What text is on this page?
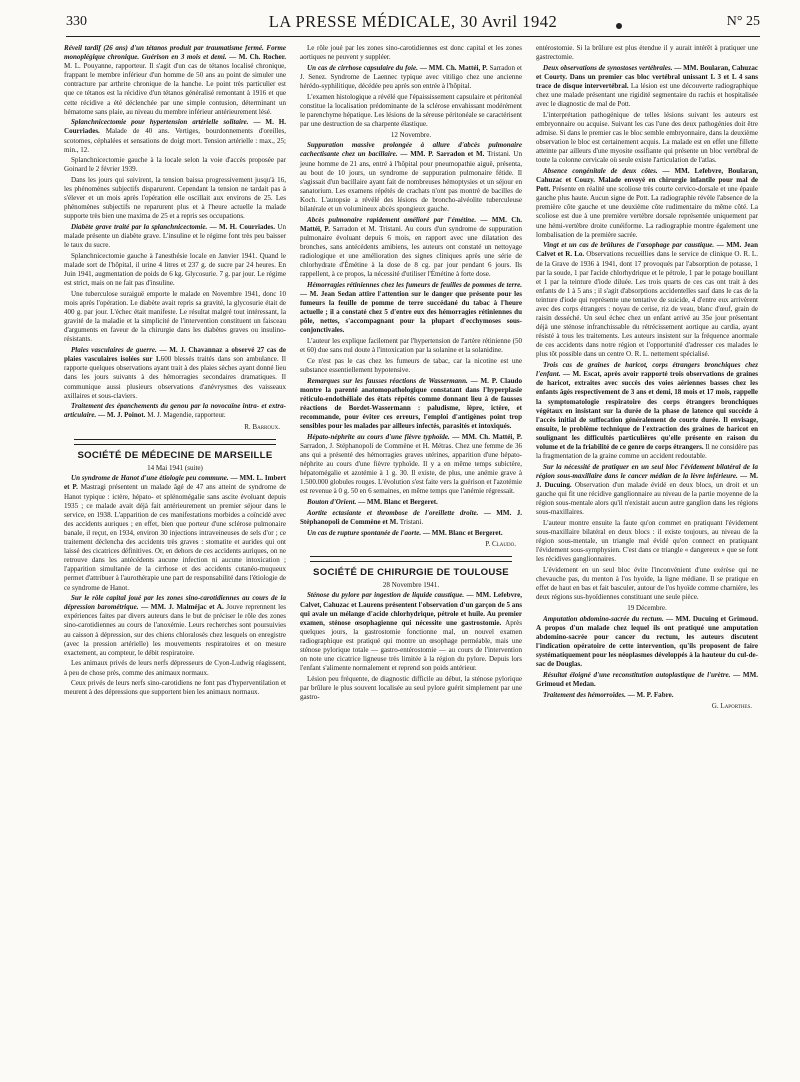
330	LA PRESSE MÉDICALE, 30 Avril 1942	N° 25

Réveil tardif (26 ans) d'un tétanos produit par traumatisme fermé. Forme monoplégique chronique. Guérison en 3 mois et demi. — M. Ch. Rocher. M. L. Pouyanne, rapporteur. Il s'agit d'un cas de tétanos localisé chronique, frappant le membre inférieur d'un homme de 50 ans au point de simuler une contracture par arthrite chronique de la hanche. Le point très particulier est que ce tétanos est la récidive d'un tétanos généralisé remontant à 1916 et que cette récidive a été déclenchée par une simple contusion, déterminant un hématome sans plaie, au niveau du membre inférieur antérieurement lésé.

Splanchnicectomie pour hypertension artérielle solitaire. — M. H. Courriades. Malade de 40 ans. Vertiges, bourdonnements d'oreilles, scotomes, céphalées et sensations de doigt mort. Tension artérielle : max., 25; min., 12.

Splanchnicectomie gauche à la locale selon la voie d'accès proposée par Goinard le 2 février 1939.

Dans les jours qui suivirent, la tension baissa progressivement jusqu'à 16, les phénomènes subjectifs disparurent. Cependant la tension ne tardait pas à s'élever et un mois après l'opération elle oscillait aux environs de 25. Les phénomènes subjectifs ne reparurent plus et à l'heure actuelle la malade supporte très bien une maxima de 25 et a repris ses occupations.

Diabète grave traité par la splanchnicectomie. — M. H. Courriades. Un malade présente un diabète grave. L'insuline et le régime font très peu baisser le taux du sucre.

Splanchnicectomie gauche à l'anesthésie locale en Janvier 1941. Quand le malade sort de l'hôpital, il urine 4 litres et 237 g. de sucre par 24 heures. En Juin 1941, augmentation de poids de 6 kg. Glycosurie. 7 g. par jour. Le régime est strict, mais on ne fait pas d'insuline.

Une tuberculose suraiguë emporte le malade en Novembre 1941, donc 10 mois après l'opération. Le diabète avait repris sa gravité, la glycosurie était de 400 g. par jour. L'échec était manifeste. Le résultat malgré tout intéressant, la gravité de la maladie et la simplicité de l'intervention constituent un faisceau d'arguments en faveur de la chirurgie dans les diabètes graves ou insulino-résistants.

Plaies vasculaires de guerre. — M. J. Chavannaz a observé 27 cas de plaies vasculaires isolées sur 1.600 blessés traités dans son ambulance. Il rapporte quelques observations ayant trait à des plaies sèches ayant donné lieu dans les jours suivants à des hémorragies secondaires dramatiques. Il communique aussi plusieurs observations d'anévrysmes des vaisseaux axillaires et sous-claviers.

Traitement des épanchements du genou par la novocaïne intra- et extra-articulaire. — M. J. Poinot. M. J. Magendie, rapporteur.

R. Barroux.
SOCIÉTÉ DE MÉDECINE DE MARSEILLE

14 Mai 1941 (suite)

Un syndrome de Hanot d'une étiologie peu commune. — MM. L. Imbert et P. Mastragi présentent un malade âgé de 47 ans atteint de syndrome de Hanot typique : ictère, hépato- et splénomégalie sans ascite évoluant depuis 1935 ; ce malade avait déjà fait antérieurement un premier séjour dans le service, en 1938. L'apparition de ces manifestations morbides a coïncidé avec des accidents auriques ; en effet, bien que porteur d'une sclérose pulmonaire banale, il reçut, en 1934, environ 30 injections intraveineuses de sels d'or ; ce traitement déclencha des accidents très graves : stomatite et aurides qui ont laissé des cicatrices définitives. Or, en dehors de ces accidents auriques, on ne retrouve dans les antécédents aucune infection ni aucune intoxication ; l'apparition simultanée de la cirrhose et des accidents cutanéo-muqueux permet d'attribuer à l'aurothérapie une part de responsabilité dans l'étiologie de ce syndrome de Hanot.

Sur le rôle capital joué par les zones sino-carotidiennes au cours de la dépression barométrique. — MM. J. Malméjac et A. Jouve reprennent les expériences faites par divers auteurs dans le but de préciser le rôle des zones sino-carotidiennes au cours de l'anoxémie. Leurs recherches sont poursuivies au caisson à dépression, sur des chiens chloralosés chez lesquels on enregistre (avec la pression artérielle) les mouvements respiratoires et on mesure exactement, au compteur, le débit respiratoire.

Les animaux privés de leurs nerfs dépresseurs de Cyon-Ludwig réagissent, à peu de chose près, comme des animaux normaux.

Ceux privés de leurs nerfs sino-carotidiens ne font pas d'hyperventilation et meurent à des dépressions que supportent bien les animaux normaux.

Le rôle joué par les zones sino-carotidiennes est donc capital et les zones aortiques ne peuvent y suppléer.

Un cas de cirrhose capsulaire du foie. — MM. Ch. Mattéi, P. Sarradon et J. Senez. Syndrome de Laennec typique avec vitiligo chez une ancienne hérédo-syphilitique, décédée peu après son entrée à l'hôpital.

L'examen histologique a révélé que l'épaississement capsulaire et péritonéal constitue la localisation prédominante de la sclérose envahissant modérément le parenchyme hépatique. Les lésions de la séreuse péritonéale se caractérisent par une destruction de sa charpente élastique.

12 Novembre.

Suppuration massive prolongée à allure d'abcès pulmonaire cachectisante chez un bacillaire. — MM. P. Sarradon et M. Tristani. Un jeune homme de 21 ans, entré à l'hôpital pour pneumopathie aiguë, présenta, au bout de 10 jours, un syndrome de suppuration pulmonaire fétide. Il s'agissait d'un bacillaire ayant fait de nombreuses hémoptysies et un séjour en sanatorium. Les examens répétés de crachats n'ont pas montré de bacilles de Koch. L'autopsie a révélé des lésions de broncho-alvéolite tuberculeuse bilatérale et un volumineux abcès spongieux gauche.

Abcès pulmonaire rapidement amélioré par l'émétine. — MM. Ch. Mattéi, P. Sarradon et M. Tristani. Au cours d'un syndrome de suppuration pulmonaire évoluant depuis 6 mois, en rapport avec une dilatation des bronches, sans antécédents amibiens, les auteurs ont constaté un nettoyage radiologique et une amélioration des signes cliniques après une série de chlorhydrate d'Émétine à la dose de 8 cg. par jour pendant 6 jours. Ils rappellent, à ce propos, la nécessité d'utiliser l'Émétine à forte dose.

Hémorragies rétiniennes chez les fumeurs de feuilles de pommes de terre. — M. Jean Sedan attire l'attention sur le danger que présente pour les fumeurs la feuille de pomme de terre succédané du tabac à l'heure actuelle ; il a constaté chez 5 d'entre eux des hémorragies rétiniennes du pôle, nettes, s'accompagnant pour la plupart d'ecchymoses sous-conjonctivales.

L'auteur les explique facilement par l'hypertension de l'artère rétinienne (50 et 60) due sans nul doute à l'intoxication par la solanine et la solanidine.

Ce n'est pas le cas chez les fumeurs de tabac, car la nicotine est une substance essentiellement hypotensive.

Remarques sur les fausses réactions de Wassermann. — M. P. Claudo montre la parenté anatomopathologique constatant dans l'hyperplasie réticulo-endothéliale des états répétés comme donnant lieu à de fausses réactions de Bordet-Wassermann : paludisme, lèpre, ictère, et recommande, pour éviter ces erreurs, l'emploi d'antigènes point trop sensibles pour les malades par ailleurs infectés, parasités et intoxiqués.

Hépato-néphrite au cours d'une fièvre typhoïde. — MM. Ch. Mattéi, P. Sarradon, J. Stéphanopoli de Commène et H. Métras. Chez une femme de 36 ans qui a présenté des hémorragies graves utérines, apparition d'une hépato-néphrite au cours d'une fièvre typhoïde. Il y a en même temps subictère, hépatomégalie et azotémie à 1 g. 30. Il existe, de plus, une anémie grave à 1.500.000 globules rouges. L'évolution s'est faite vers la guérison et l'azotémie est revenue à 0 g. 50 en 6 semaines, en même temps que l'anémie régressait.

Bouton d'Orient. — MM. Blanc et Bergeret.

Aortite ectasiante et thrombose de l'oreillette droite. — MM. J. Stéphanopoli de Commène et M. Tristani.

Un cas de rupture spontanée de l'aorte. — MM. Blanc et Bergeret.

P. Claudo.
SOCIÉTÉ DE CHIRURGIE DE TOULOUSE

28 Novembre 1941.

Sténose du pylore par ingestion de liquide caustique. — MM. Lefebvre, Calvet, Cahuzac et Laurens présentent l'observation d'un garçon de 5 ans qui avale un mélange d'acide chlorhydrique, pétrole et huile. Au premier examen, sténose œsophagienne qui nécessite une gastrostomie. Après quelques jours, la gastrostomie fonctionne mal, un nouvel examen radiographique est pratiqué qui montre un œsophage perméable, mais une sténose pylorique totale — gastro-entérostomie — au cours de l'intervention on note une cicatrice ligneuse très limitée à la région du pylore. Depuis lors l'enfant s'alimente normalement et reprend son poids antérieur.

Lésion peu fréquente, de diagnostic difficile au début, la sténose pylorique par brûlure le plus souvent localisée au seul pylore guérit simplement par une gastro-

entérostomie. Si la brûlure est plus étendue il y aurait intérêt à pratiquer une gastrectomie.

Deux observations de synostoses vertébrales. — MM. Boularan, Cahuzac et Courty. Dans un premier cas bloc vertébral unissant L 3 et L 4 sans trace de disque intervertébral. La lésion est une découverte radiographique chez une malade présentant une rigidité segmentaire du rachis et hospitalisée avec le diagnostic de mal de Pott.

L'interprétation pathogénique de telles lésions suivant les auteurs est embryonnaire ou acquise. Suivant les cas l'une des deux pathogénies doit être admise. Si dans le premier cas le bloc semble embryonnaire, dans la deuxième observation le bloc est certainement acquis. La malade est en effet une fillette atteinte par ailleurs d'une myosite ossifiante qui présente un bloc vertébral de toute la colonne cervicale où seule existe l'articulation de l'atlas.

Absence congénitale de deux côtes. — MM. Lefebvre, Boularan, Cahuzac et Couzy. Malade envoyé en chirurgie infantile pour mal de Pott. Présente en réalité une scoliose très courte cervico-dorsale et une épaule gauche plus haute. Aucun signe de Pott. La radiographie révèle l'absence de la première côte gauche et une deuxième côte rudimentaire du même côté. La scoliose est due à une première vertèbre dorsale représentée uniquement par une hémi-vertèbre droite cunéiforme. La radiographie montre également une lombalisation de la première sacrée.

Vingt et un cas de brûlures de l'œsophage par caustique. — MM. Jean Calvet et R. Lo. Observations recueillies dans le service de clinique O. R. L. de la Grave de 1936 à 1941, dont 17 provoqués par l'absorption de potasse, 1 par la soude, 1 par l'acide chlorhydrique et le pétrole, 1 par le potage bouillant et 1 par la teinture d'iode diluée. Les trois quarts de ces cas ont trait à des enfants de 1 à 5 ans ; il s'agit d'absorptions accidentelles sauf dans le cas de la teinture d'iode qui représente une tentative de suicide, 4 d'entre eux arrivèrent avec des corps étrangers : noyau de cerise, riz de veau, blanc d'œuf, grain de raisin desséché. Un seul échec chez un enfant arrivé au 35e jour présentant déjà une sténose infranchissable du rétrécissement aortique au cardia, ayant résisté à tous les traitements. Les auteurs insistent sur la fréquence anormale de ces accidents dans notre région et l'opportunité d'adresser ces malades le plus tôt possible dans un centre O. R. L. nettement spécialisé.

Trois cas de graines de haricot, corps étrangers bronchiques chez l'enfant. — M. Escat, après avoir rapporté trois observations de graines de haricot, extraites avec succès des voies aériennes basses chez les enfants âgés respectivement de 3 ans et demi, 18 mois et 17 mois, rappelle la symptomatologie respiratoire des corps étrangers bronchiques végétaux en insistant sur la durée de la phase de latence qui succède à l'accès initial de suffocation généralement de courte durée. Il envisage, ensuite, le problème technique de l'extraction des graines de haricot en soulignant les difficultés particulières qu'elle présente en raison du volume et de la friabilité de ce genre de corps étrangers. Il ne considère pas la fragmentation de la graine comme un accident redoutable.

Sur la nécessité de pratiquer en un seul bloc l'évidement bilatéral de la région sous-maxillaire dans le cancer médian de la lèvre inférieure. — M. J. Ducuing. Observation d'un malade évidé en deux blocs, un droit et un gauche qui fit une récidive ganglionnaire au niveau de la partie moyenne de la région sous-mentale alors qu'il n'existait aucun autre ganglion dans les régions sous-maxillaires.

L'auteur montre ensuite la faute qu'on commet en pratiquant l'évidement sous-maxillaire bilatéral en deux blocs : il existe toujours, au niveau de la région sous-mentale, un triangle mal évidé qu'on connect en pratiquant l'évidement sous-symphysien. C'est dans ce triangle « dangereux » que se font les récidives ganglionnaires.

L'évidement en un seul bloc évite l'inconvénient d'une exérèse qui ne chevauche pas, du menton à l'os hyoïde, la ligne médiane. Il se pratique en effet de haut en bas et fait basculer, autour de l'os hyoïde comme charnière, les deux régions sus-hyoïdiennes constituant une seule pièce.

19 Décembre.

Amputation abdomino-sacrée du rectum. — MM. Ducuing et Grimoud. A propos d'un malade chez lequel ils ont pratiqué une amputation abdomino-sacrée pour cancer du rectum, les auteurs discutent l'indication opératoire de cette intervention, qu'ils proposent de faire systématiquement pour les néoplasmes développés à la hauteur du cul-de-sac de Douglas.

Résultat éloigné d'une reconstitution autoplastique de l'urètre. — MM. Grimoud et Medan.

Traitement des hémorroïdes. — M. P. Fabre.

G. Laporthes.
